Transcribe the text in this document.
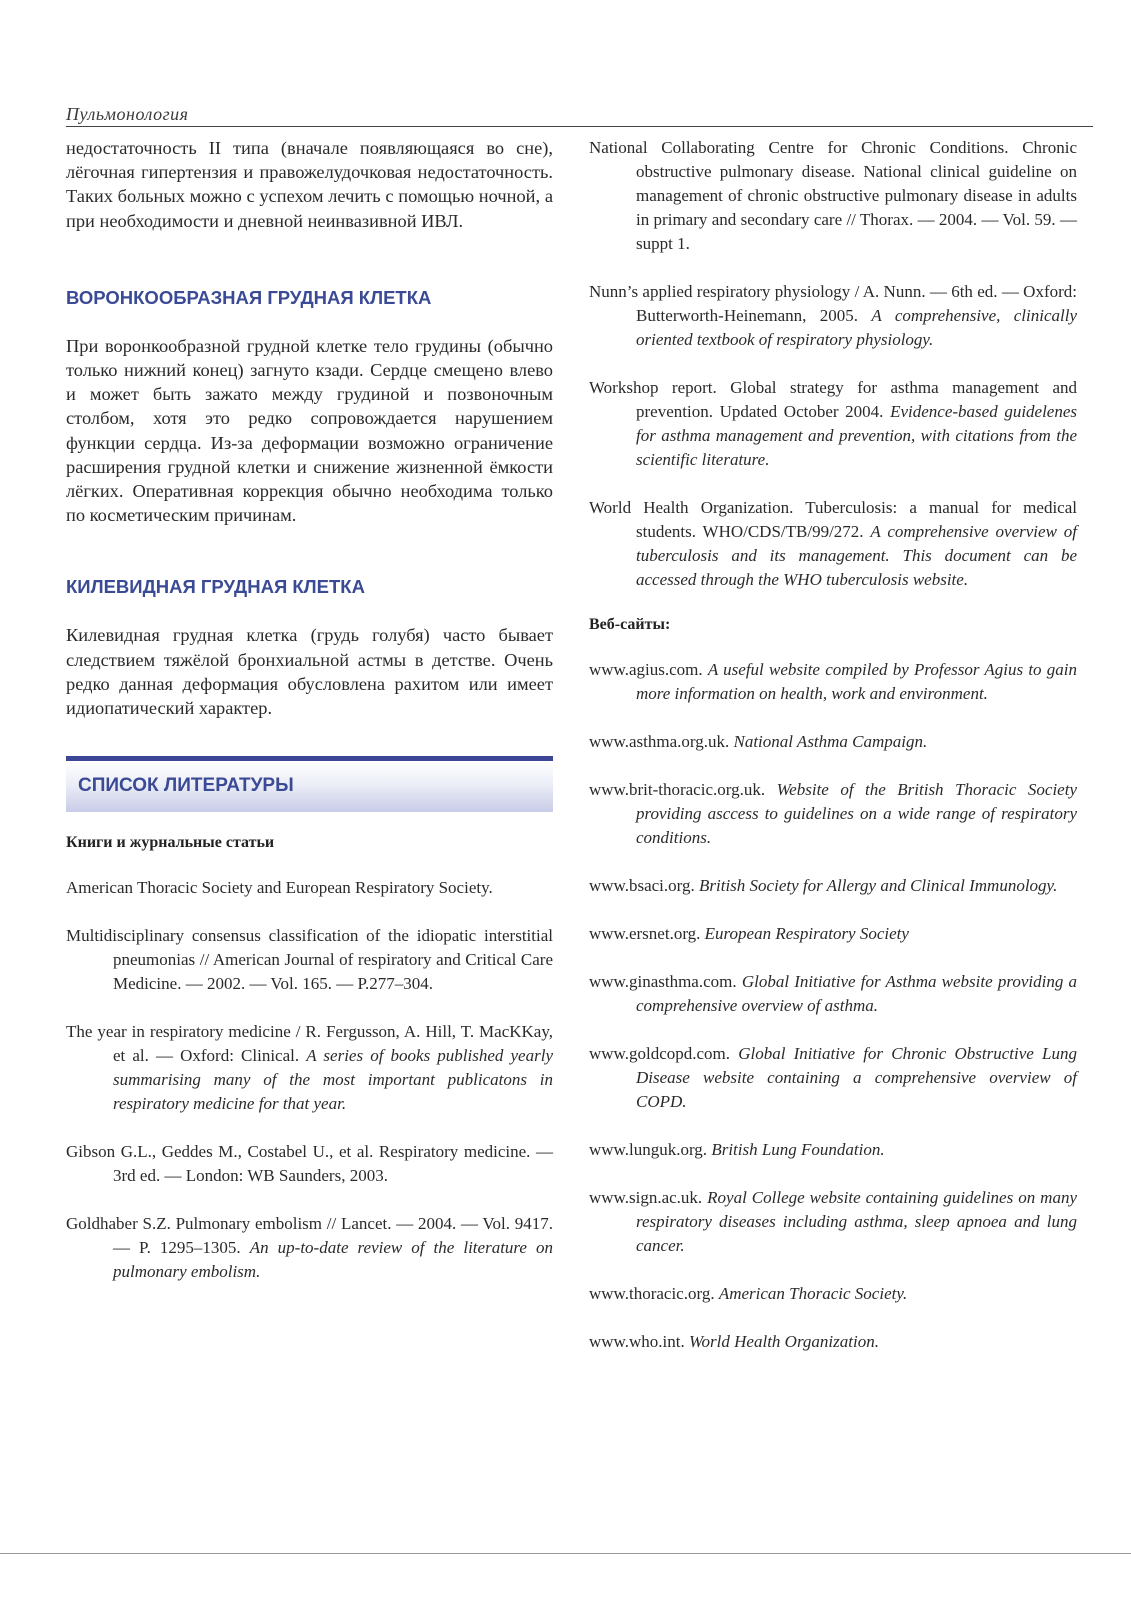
Пульмонология

недостаточность II типа (вначале появляющаяся во сне), лёгочная гипертензия и правожелудочковая недостаточность. Таких больных можно с успехом лечить с помощью ночной, а при необходимости и дневной неинвазивной ИВЛ.

ВОРОНКООБРАЗНАЯ ГРУДНАЯ КЛЕТКА

При воронкообразной грудной клетке тело грудины (обычно только нижний конец) загнуто кзади. Сердце смещено влево и может быть зажато между грудиной и позвоночным столбом, хотя это редко сопровождается нарушением функции сердца. Из-за деформации возможно ограничение расширения грудной клетки и снижение жизненной ёмкости лёгких. Оперативная коррекция обычно необходима только по косметическим причинам.

КИЛЕВИДНАЯ ГРУДНАЯ КЛЕТКА

Килевидная грудная клетка (грудь голубя) часто бывает следствием тяжёлой бронхиальной астмы в детстве. Очень редко данная деформация обусловлена рахитом или имеет идиопатический характер.

СПИСОК ЛИТЕРАТУРЫ

Книги и журнальные статьи

American Thoracic Society and European Respiratory Society.

Multidisciplinary consensus classification of the idiopatic interstitial pneumonias // American Journal of respiratory and Critical Care Medicine. — 2002. — Vol. 165. — P.277–304.

The year in respiratory medicine / R. Fergusson, A. Hill, T. MacKKay, et al. — Oxford: Clinical. A series of books published yearly summarising many of the most important publicatons in respiratory medicine for that year.

Gibson G.L., Geddes M., Costabel U., et al. Respiratory medicine. —3rd ed. — London: WB Saunders, 2003.

Goldhaber S.Z. Pulmonary embolism // Lancet. — 2004. — Vol. 9417. — P. 1295–1305. An up-to-date review of the literature on pulmonary embolism.

National Collaborating Centre for Chronic Conditions. Chronic obstructive pulmonary disease. National clinical guideline on management of chronic obstructive pulmonary disease in adults in primary and secondary care // Thorax. — 2004. — Vol. 59. — suppt 1.

Nunn’s applied respiratory physiology / A. Nunn. — 6th ed. — Oxford: Butterworth-Heinemann, 2005. A comprehensive, clinically oriented textbook of respiratory physiology.

Workshop report. Global strategy for asthma management and prevention. Updated October 2004. Evidence-based guidelenes for asthma management and prevention, with citations from the scientific literature.

World Health Organization. Tuberculosis: a manual for medical students. WHO/CDS/TB/99/272. A comprehensive overview of tuberculosis and its management. This document can be accessed through the WHO tuberculosis website.

Веб-сайты:

www.agius.com. A useful website compiled by Professor Agius to gain more information on health, work and environment.

www.asthma.org.uk. National Asthma Campaign.

www.brit-thoracic.org.uk. Website of the British Thoracic Society providing asccess to guidelines on a wide range of respiratory conditions.

www.bsaci.org. British Society for Allergy and Clinical Immunology.

www.ersnet.org. European Respiratory Society

www.ginasthma.com. Global Initiative for Asthma website providing a comprehensive overview of asthma.

www.goldcopd.com. Global Initiative for Chronic Obstructive Lung Disease website containing a comprehensive overview of COPD.

www.lunguk.org. British Lung Foundation.

www.sign.ac.uk. Royal College website containing guidelines on many respiratory diseases including asthma, sleep apnoea and lung cancer.

www.thoracic.org. American Thoracic Society.

www.who.int. World Health Organization.
